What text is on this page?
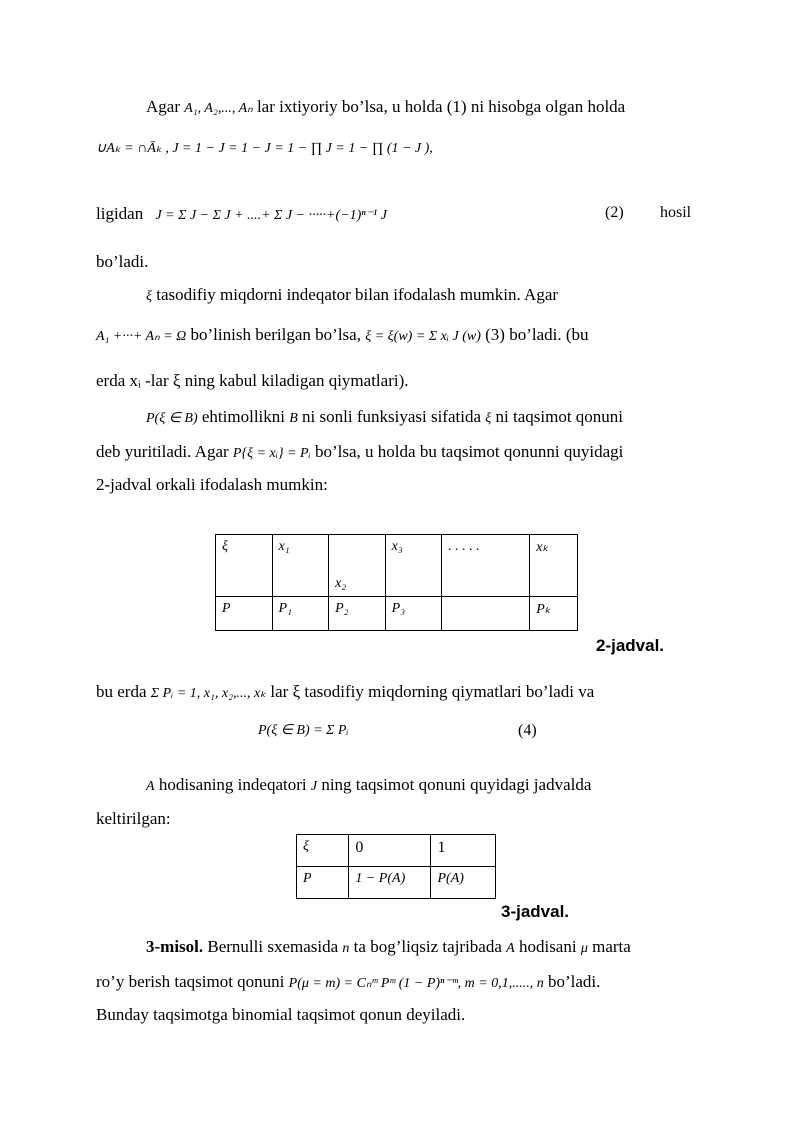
Agar A₁, A₂,..., Aₙ lar ixtiyoriy bo’lsa, u holda (1) ni hisobga olgan holda
∪Aₖ = ∩Āₖ , J = 1 − J = 1 − J = 1 − ∏ J = 1 − ∏ (1 − J ),
ligidan J = Σ J − Σ J + ....+ Σ J − ·····+(−1)ⁿ⁻¹ J	(2) hosil
bo’ladi.
ξ tasodifiy miqdorni indeqator bilan ifodalash mumkin. Agar
A₁ +···+ Aₙ = Ω bo’linish berilgan bo’lsa, ξ = ξ(w) = Σ xᵢ J (w) (3) bo’ladi. (bu
erda xᵢ -lar ξ ning kabul kiladigan qiymatlari).
P(ξ ∈ B) ehtimollikni B ni sonli funksiyasi sifatida ξ ni taqsimot qonuni
deb yuritiladi. Agar P{ξ = xᵢ} = Pᵢ bo’lsa, u holda bu taqsimot qonunni quyidagi
2-jadval orkali ifodalash mumkin:
ξ	x₁	x₂	x₃	. . . . .	xₖ
P	P₁	P₂	P₃		Pₖ
2-jadval.
bu erda Σ Pᵢ = 1, x₁, x₂,..., xₖ lar ξ tasodifiy miqdorning qiymatlari bo’ladi va
P(ξ ∈ B) = Σ Pᵢ	(4)
A hodisaning indeqatori J ning taqsimot qonuni quyidagi jadvalda
keltirilgan:
ξ	0	1
P	1 − P(A)	P(A)
3-jadval.
3-misol. Bernulli sxemasida n ta bog’liqsiz tajribada A hodisani μ marta
ro’y berish taqsimot qonuni P(μ = m) = Cₙᵐ Pᵐ (1 − P)ⁿ⁻ᵐ, m = 0,1,....., n bo’ladi.
Bunday taqsimotga binomial taqsimot qonun deyiladi.
